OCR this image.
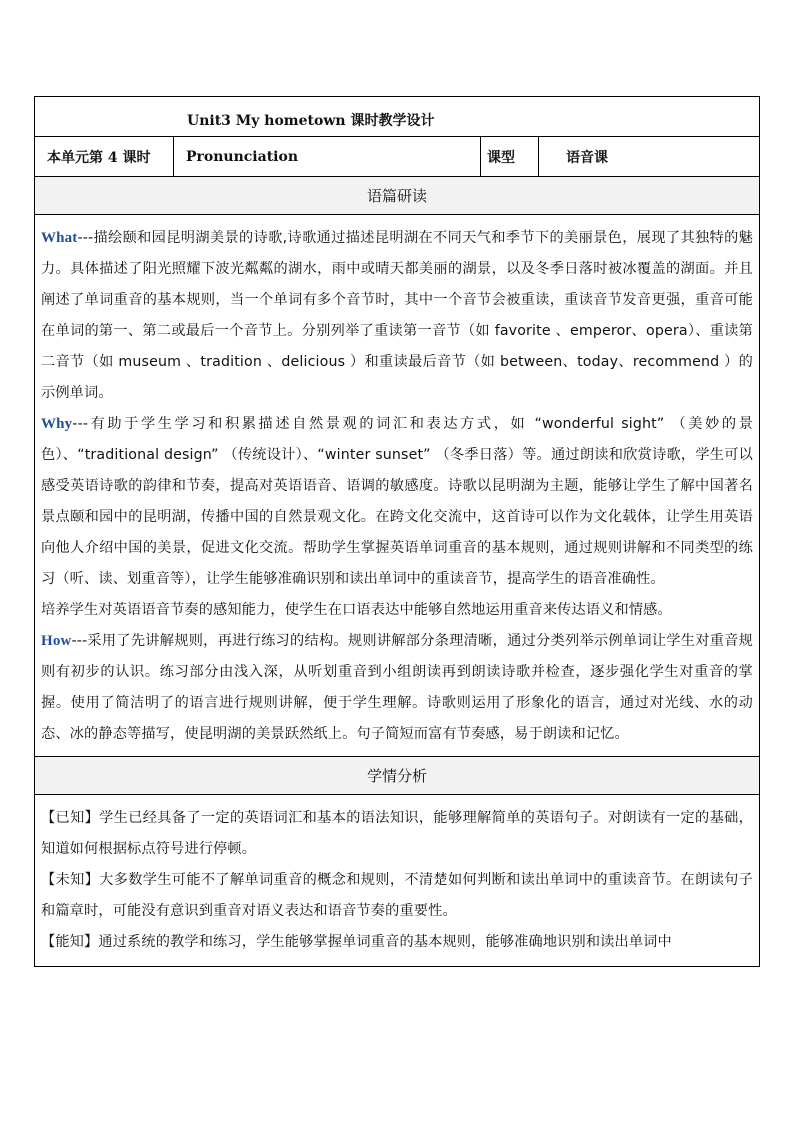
Unit3 My hometown 课时教学设计
本单元第 4 课时	Pronunciation	课型	语音课
语篇研读

What---描绘颐和园昆明湖美景的诗歌,诗歌通过描述昆明湖在不同天气和季节下的美丽景色，展现了其独特的魅力。具体描述了阳光照耀下波光粼粼的湖水，雨中或晴天都美丽的湖景，以及冬季日落时被冰覆盖的湖面。并且阐述了单词重音的基本规则，当一个单词有多个音节时，其中一个音节会被重读，重读音节发音更强，重音可能在单词的第一、第二或最后一个音节上。分别列举了重读第一音节（如 favorite 、emperor、opera）、重读第二音节（如 museum 、tradition 、delicious ）和重读最后音节（如 between、today、recommend ）的示例单词。

Why---有助于学生学习和积累描述自然景观的词汇和表达方式，如 “wonderful sight” （美妙的景色）、“traditional design” （传统设计）、“winter sunset” （冬季日落）等。通过朗读和欣赏诗歌，学生可以感受英语诗歌的韵律和节奏，提高对英语语音、语调的敏感度。诗歌以昆明湖为主题，能够让学生了解中国著名景点颐和园中的昆明湖，传播中国的自然景观文化。在跨文化交流中，这首诗可以作为文化载体，让学生用英语向他人介绍中国的美景，促进文化交流。帮助学生掌握英语单词重音的基本规则，通过规则讲解和不同类型的练习（听、读、划重音等），让学生能够准确识别和读出单词中的重读音节，提高学生的语音准确性。

培养学生对英语语音节奏的感知能力，使学生在口语表达中能够自然地运用重音来传达语义和情感。

How---采用了先讲解规则，再进行练习的结构。规则讲解部分条理清晰，通过分类列举示例单词让学生对重音规则有初步的认识。练习部分由浅入深，从听划重音到小组朗读再到朗读诗歌并检查，逐步强化学生对重音的掌握。使用了简洁明了的语言进行规则讲解，便于学生理解。诗歌则运用了形象化的语言，通过对光线、水的动态、冰的静态等描写，使昆明湖的美景跃然纸上。句子简短而富有节奏感，易于朗读和记忆。

学情分析

【已知】学生已经具备了一定的英语词汇和基本的语法知识，能够理解简单的英语句子。对朗读有一定的基础，知道如何根据标点符号进行停顿。

【未知】大多数学生可能不了解单词重音的概念和规则，不清楚如何判断和读出单词中的重读音节。在朗读句子和篇章时，可能没有意识到重音对语义表达和语音节奏的重要性。

【能知】通过系统的教学和练习，学生能够掌握单词重音的基本规则，能够准确地识别和读出单词中
